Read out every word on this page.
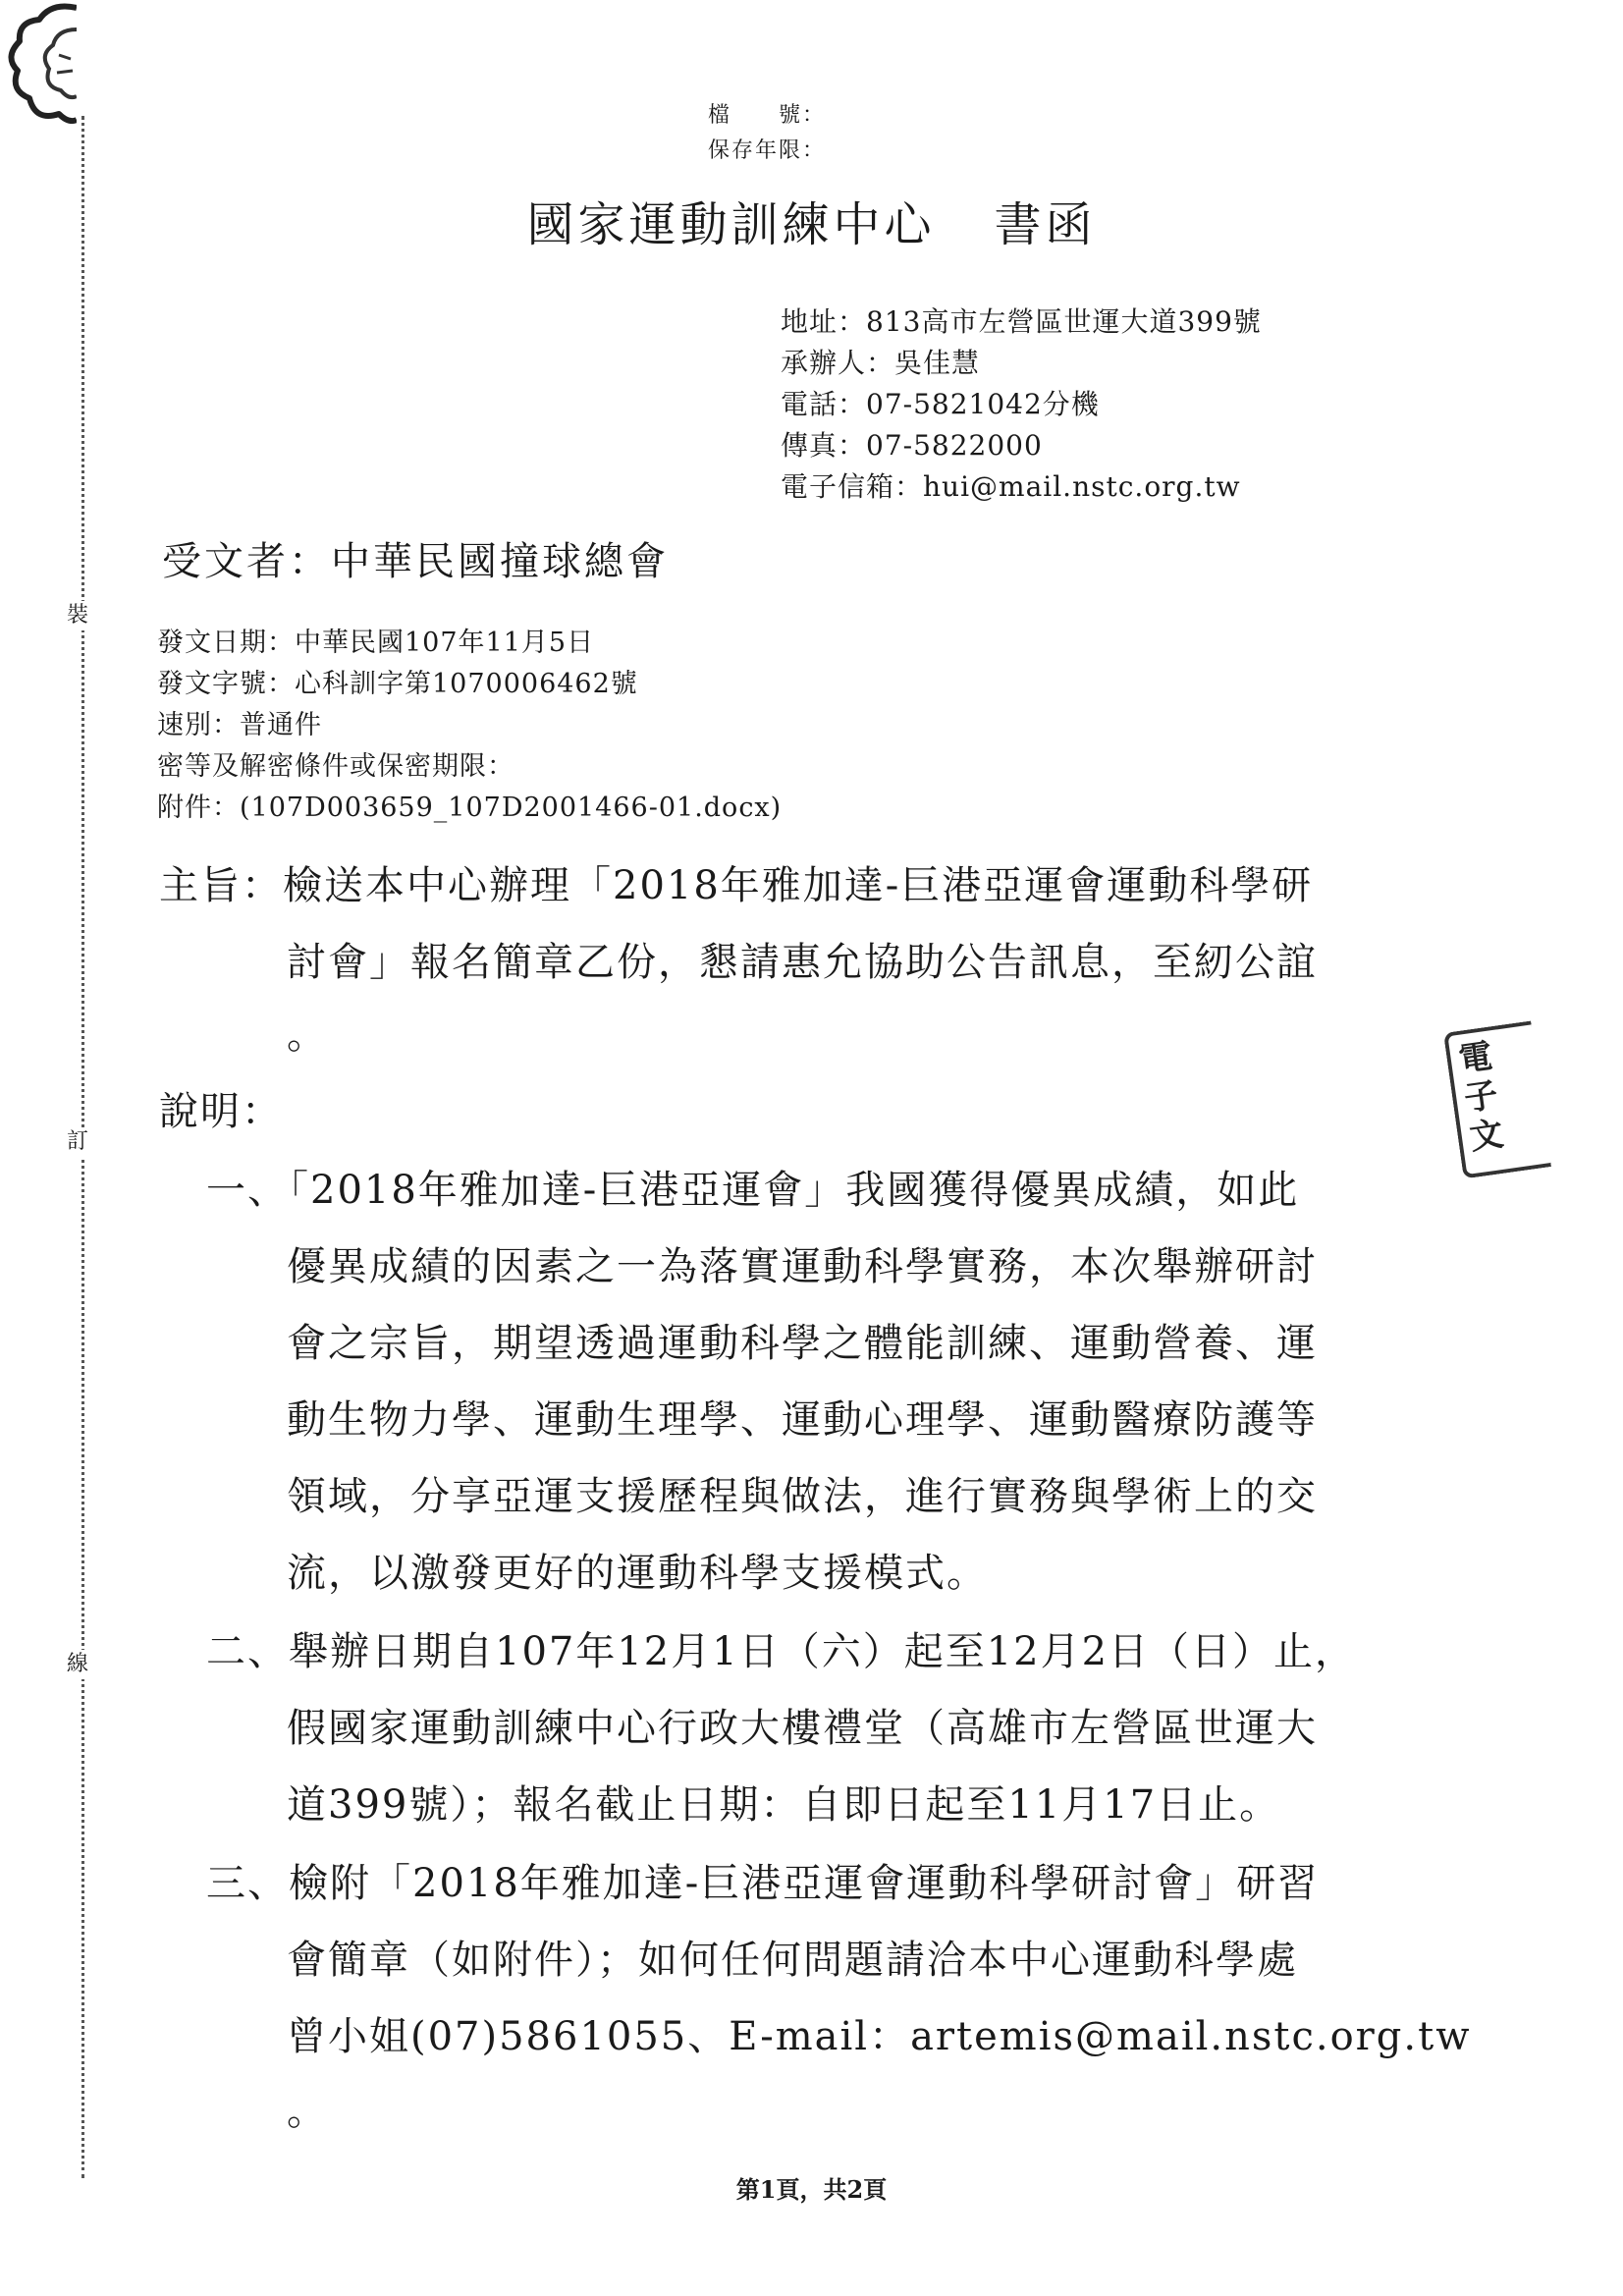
裝
訂
線
檔　　號：
保存年限：
國家運動訓練中心 書函
地址：813高市左營區世運大道399號
承辦人：吳佳慧
電話：07-5821042分機
傳真：07-5822000
電子信箱：hui@mail.nstc.org.tw
受文者：中華民國撞球總會
發文日期：中華民國107年11月5日
發文字號：心科訓字第1070006462號
速別：普通件
密等及解密條件或保密期限：
附件：(107D003659_107D2001466-01.docx)
主旨：檢送本中心辦理「2018年雅加達-巨港亞運會運動科學研
討會」報名簡章乙份，懇請惠允協助公告訊息，至紉公誼
。
說明：
一、「2018年雅加達-巨港亞運會」我國獲得優異成績，如此
優異成績的因素之一為落實運動科學實務，本次舉辦研討
會之宗旨，期望透過運動科學之體能訓練、運動營養、運
動生物力學、運動生理學、運動心理學、運動醫療防護等
領域，分享亞運支援歷程與做法，進行實務與學術上的交
流，以激發更好的運動科學支援模式。
二、舉辦日期自107年12月1日（六）起至12月2日（日）止，
假國家運動訓練中心行政大樓禮堂（高雄市左營區世運大
道399號）；報名截止日期：自即日起至11月17日止。
三、檢附「2018年雅加達-巨港亞運會運動科學研討會」研習
會簡章（如附件）；如何任何問題請洽本中心運動科學處
曾小姐(07)5861055、E-mail：artemis@mail.nstc.org.tw
。
電子文
第1頁，共2頁
